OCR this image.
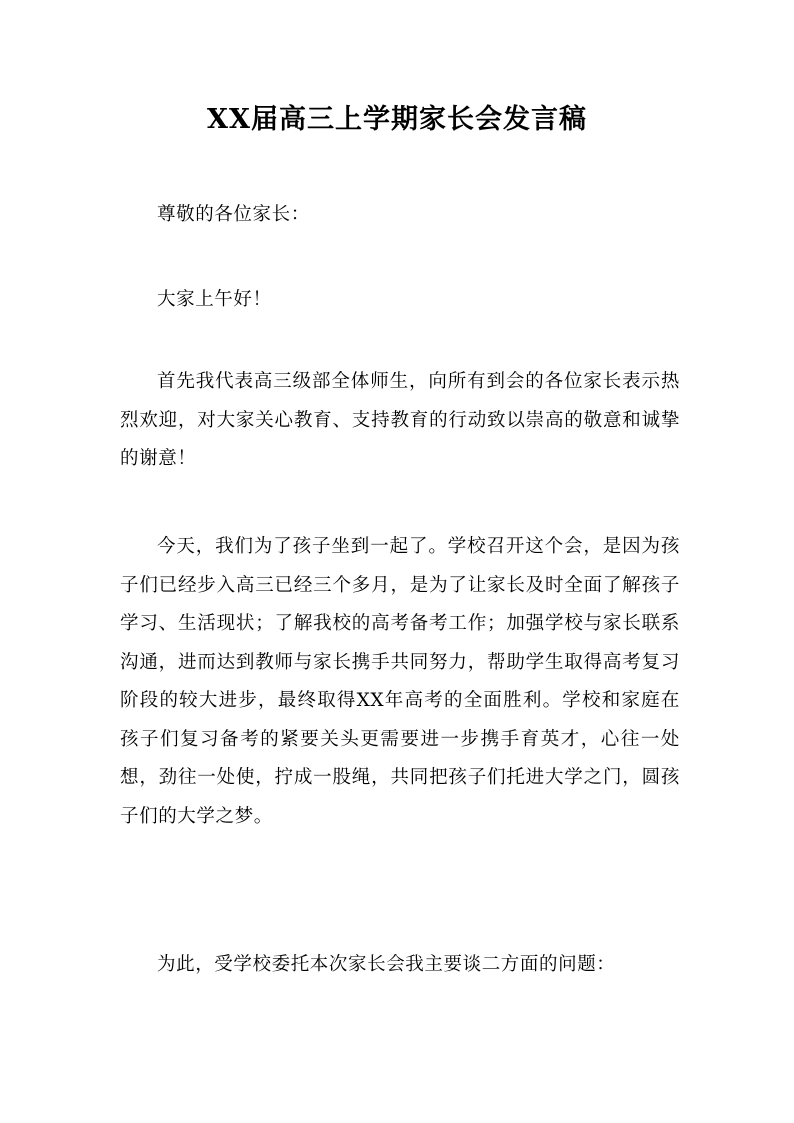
XX届高三上学期家长会发言稿

尊敬的各位家长：

大家上午好！

首先我代表高三级部全体师生，向所有到会的各位家长表示热烈欢迎，对大家关心教育、支持教育的行动致以崇高的敬意和诚挚的谢意！

今天，我们为了孩子坐到一起了。学校召开这个会，是因为孩子们已经步入高三已经三个多月，是为了让家长及时全面了解孩子学习、生活现状；了解我校的高考备考工作；加强学校与家长联系沟通，进而达到教师与家长携手共同努力，帮助学生取得高考复习阶段的较大进步，最终取得XX年高考的全面胜利。学校和家庭在孩子们复习备考的紧要关头更需要进一步携手育英才，心往一处想，劲往一处使，拧成一股绳，共同把孩子们托进大学之门，圆孩子们的大学之梦。

为此，受学校委托本次家长会我主要谈二方面的问题：
